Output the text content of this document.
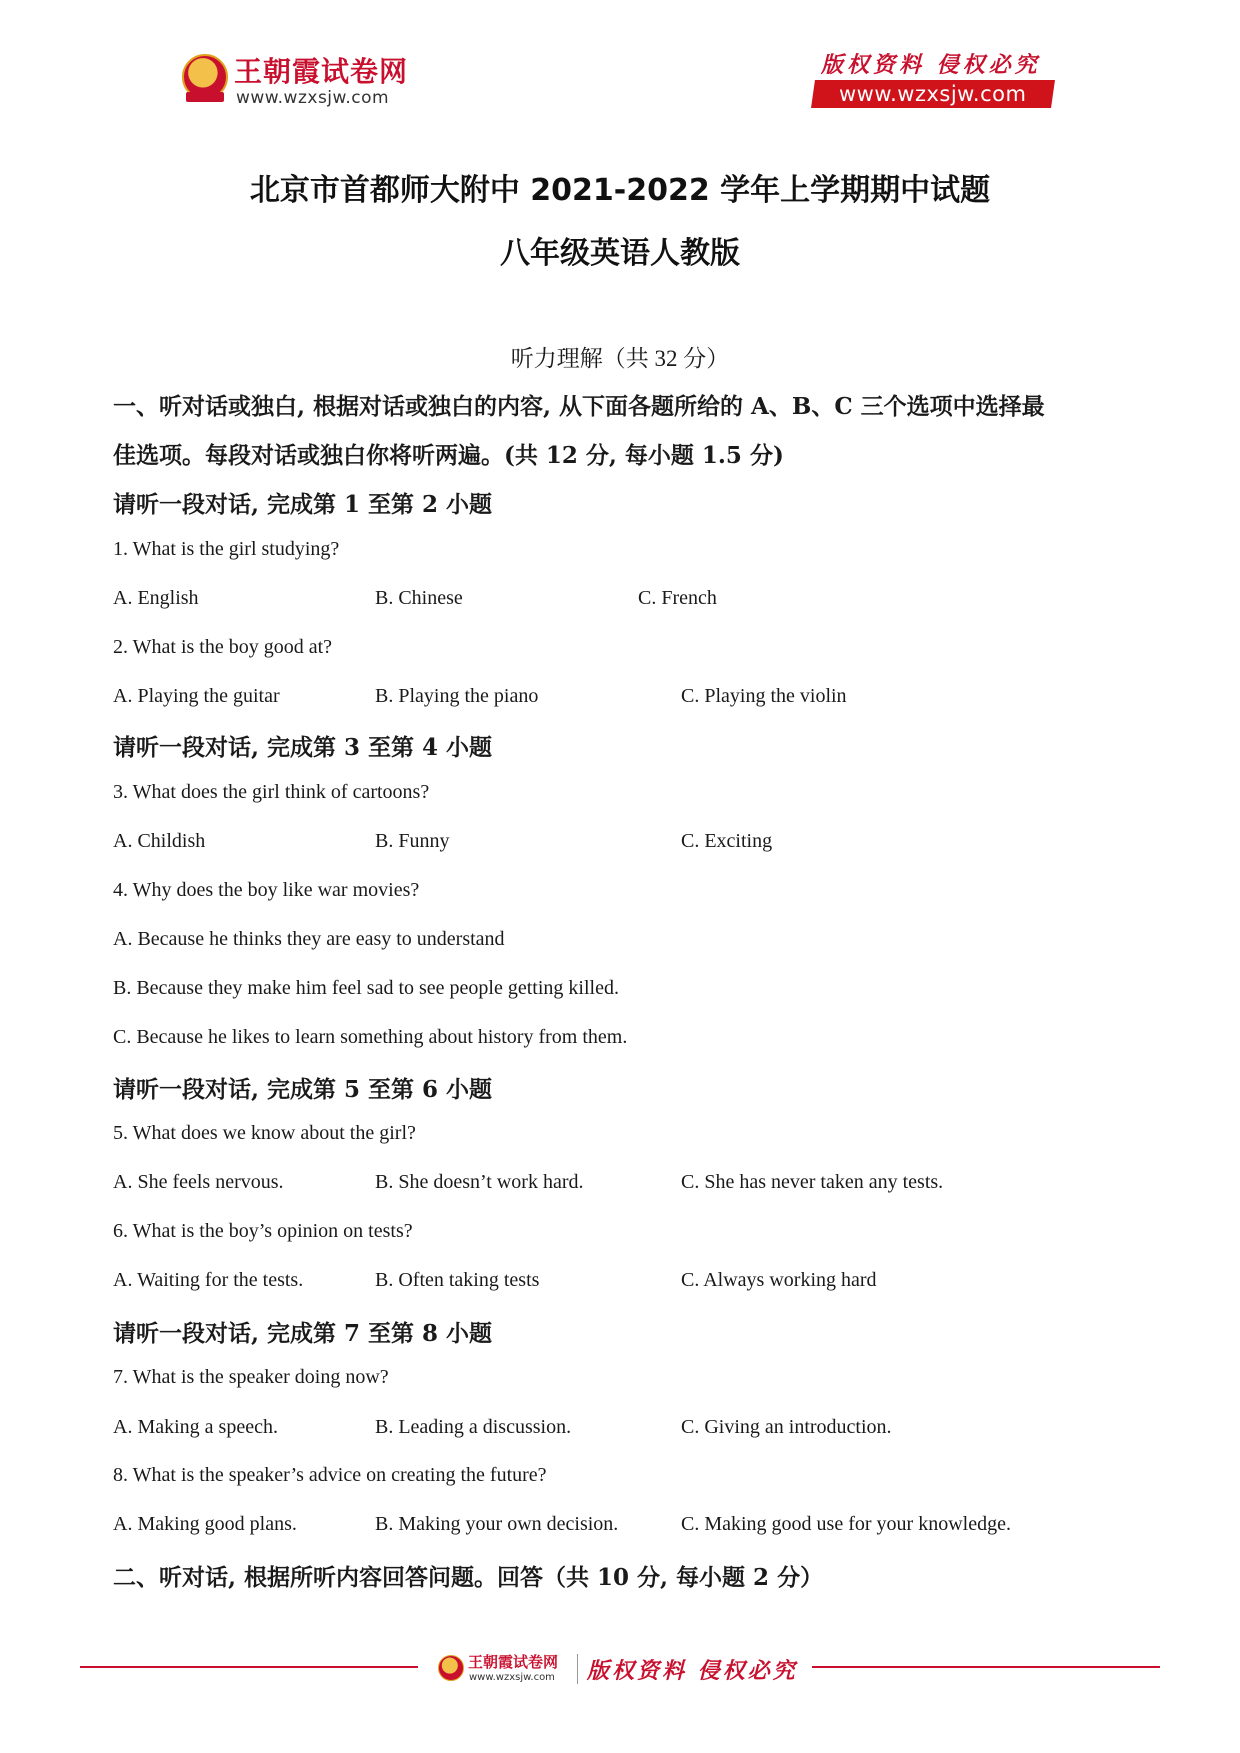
王朝霞试卷网
www.wzxsjw.com
版权资料 侵权必究
www.wzxsjw.com
北京市首都师大附中 2021-2022 学年上学期期中试题
八年级英语人教版
听力理解（共 32 分）
一、听对话或独白, 根据对话或独白的内容, 从下面各题所给的 A、B、C 三个选项中选择最
佳选项。每段对话或独白你将听两遍。(共 12 分, 每小题 1.5 分)
请听一段对话, 完成第 1 至第 2 小题
1. What is the girl studying?
A. English	B. Chinese	C. French
2. What is the boy good at?
A. Playing the guitar	B. Playing the piano	C. Playing the violin
请听一段对话, 完成第 3 至第 4 小题
3. What does the girl think of cartoons?
A. Childish	B. Funny	C. Exciting
4. Why does the boy like war movies?
A. Because he thinks they are easy to understand
B. Because they make him feel sad to see people getting killed.
C. Because he likes to learn something about history from them.
请听一段对话, 完成第 5 至第 6 小题
5. What does we know about the girl?
A. She feels nervous.	B. She doesn’t work hard.	C. She has never taken any tests.
6. What is the boy’s opinion on tests?
A. Waiting for the tests.	B. Often taking tests	C. Always working hard
请听一段对话, 完成第 7 至第 8 小题
7. What is the speaker doing now?
A. Making a speech.	B. Leading a discussion.	C. Giving an introduction.
8. What is the speaker’s advice on creating the future?
A. Making good plans.	B. Making your own decision.	C. Making good use for your knowledge.
二、听对话, 根据所听内容回答问题。回答（共 10 分, 每小题 2 分）
王朝霞试卷网
www.wzxsjw.com 版权资料 侵权必究
